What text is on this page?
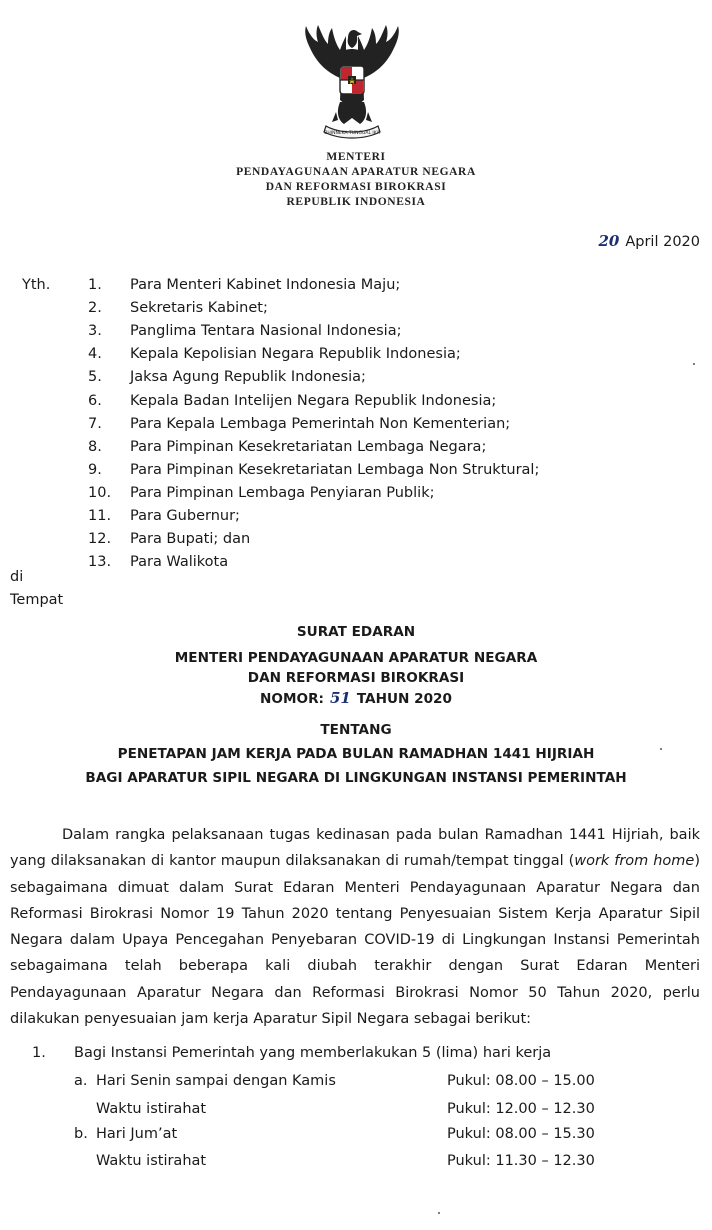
BHINNEKA TUNGGAL IKA
MENTERI
PENDAYAGUNAAN APARATUR NEGARA
DAN REFORMASI BIROKRASI
REPUBLIK INDONESIA
20 April 2020
Yth.	1. Para Menteri Kabinet Indonesia Maju;
2. Sekretaris Kabinet;
3. Panglima Tentara Nasional Indonesia;
4. Kepala Kepolisian Negara Republik Indonesia;
5. Jaksa Agung Republik Indonesia;
6. Kepala Badan Intelijen Negara Republik Indonesia;
7. Para Kepala Lembaga Pemerintah Non Kementerian;
8. Para Pimpinan Kesekretariatan Lembaga Negara;
9. Para Pimpinan Kesekretariatan Lembaga Non Struktural;
10. Para Pimpinan Lembaga Penyiaran Publik;
11. Para Gubernur;
12. Para Bupati; dan
13. Para Walikota
di
Tempat
SURAT EDARAN
MENTERI PENDAYAGUNAAN APARATUR NEGARA
DAN REFORMASI BIROKRASI
NOMOR: 51 TAHUN 2020
TENTANG
PENETAPAN JAM KERJA PADA BULAN RAMADHAN 1441 HIJRIAH
BAGI APARATUR SIPIL NEGARA DI LINGKUNGAN INSTANSI PEMERINTAH
Dalam rangka pelaksanaan tugas kedinasan pada bulan Ramadhan 1441 Hijriah, baik
yang dilaksanakan di kantor maupun dilaksanakan di rumah/tempat tinggal (work from home)
sebagaimana dimuat dalam Surat Edaran Menteri Pendayagunaan Aparatur Negara dan
Reformasi Birokrasi Nomor 19 Tahun 2020 tentang Penyesuaian Sistem Kerja Aparatur Sipil
Negara dalam Upaya Pencegahan Penyebaran COVID-19 di Lingkungan Instansi Pemerintah
sebagaimana telah beberapa kali diubah terakhir dengan Surat Edaran Menteri
Pendayagunaan Aparatur Negara dan Reformasi Birokrasi Nomor 50 Tahun 2020, perlu
dilakukan penyesuaian jam kerja Aparatur Sipil Negara sebagai berikut:
1. Bagi Instansi Pemerintah yang memberlakukan 5 (lima) hari kerja
a. Hari Senin sampai dengan Kamis	Pukul: 08.00 – 15.00
Waktu istirahat	Pukul: 12.00 – 12.30
b. Hari Jum’at	Pukul: 08.00 – 15.30
Waktu istirahat	Pukul: 11.30 – 12.30
